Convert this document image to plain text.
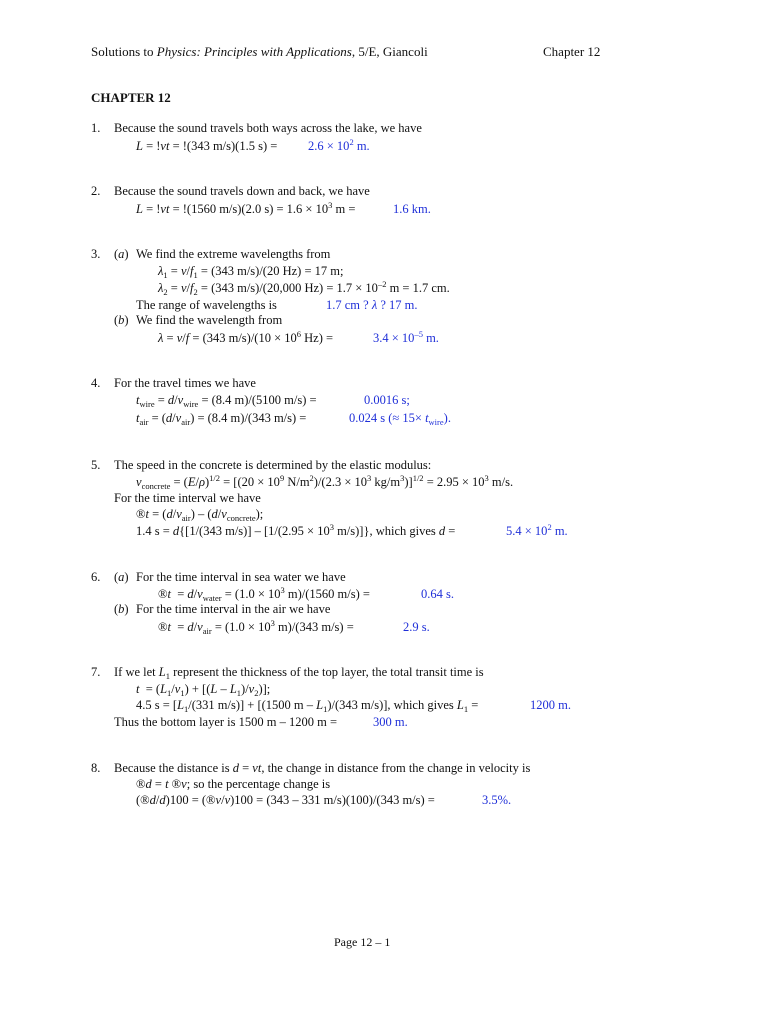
Solutions to Physics: Principles with Applications, 5/E, Giancoli	Chapter 12
CHAPTER 12
1. Because the sound travels both ways across the lake, we have
L = !vt = !(343 m/s)(1.5 $s) = 2.6 \times 10^2$ m.
2. Because the sound travels down and back, we have
L = !vt = !(1560 m/s)(2.0 $s) = 1.6 \times 10^3$ m =	1.6 km.
3. (a) We find the extreme wavelengths from
$\lambda_1 = v/f_1 = (343$ m/s)/(20 Hz) = 17 m;
$\lambda_2 = v/f_2 = (343$ m/s)/(20,000 $Hz) = 1.7 \times 10^{-2}$ m = 1.7 cm.
The range of wavelengths is	1.7 cm ? λ ? 17 m.
(b) We find the wavelength from
λ = v/f = (343 $m/s)/(10 \times 10^6$ Hz) =	$3.4 \times 10^{-5}$ m.
4. For the travel times we have
$t_{wire} = d/v_{wire} = (8.4$ m)/(5100 m/s) =	0.0016 s;
$t_{air} = (d/v_{air}) = (8.4$ m)/(343 m/s) =	0.024 s (≈ $15\times t_{wire}$).
5. The speed in the concrete is determined by the elastic modulus:
$v_{concrete} = (E/\rho)^{1/2} = [(20 \times 10^9$ $N/m^2)/(2.3 \times 10^3$ $kg/m^3)]^{1/2} = 2.95 \times 10^3$ m/s.
For the time interval we have
®t = $(d/v_{air}) - (d/v_{concrete})$;
1.4 s = d{[1/(343 $m/s)] - [1/(2.95 \times 10^3$ m/s)]}, which gives d =	$5.4 \times 10^2$ m.
6. (a) For the time interval in sea water we have
®t  = $d/v_{water} = (1.0 \times 10^3$ m)/(1560 m/s) =	0.64 s.
(b) For the time interval in the air we have
®t  = $d/v_{air} = (1.0 \times 10^3$ m)/(343 m/s) =	2.9 s.
7. If we let $L_1$ represent the thickness of the top layer, the total transit time is
$t = (L_1/v_1) + [(L - L_1)/v_2)$];
4.5 $s = [L_1/(331$ m/s)] + [(1500 m – $L_1)/(343$ m/s)], which gives $L_1$ =	1200 m.
Thus the bottom layer is 1500 m – 1200 m =	300 m.
8. Because the distance is d = vt, the change in distance from the change in velocity is
®d = t ®v; so the percentage change is
(®d/d)100 = (®v/v)100 = (343 – 331 m/s)(100)/(343 m/s) =	3.5%.
Page 12 – 1
